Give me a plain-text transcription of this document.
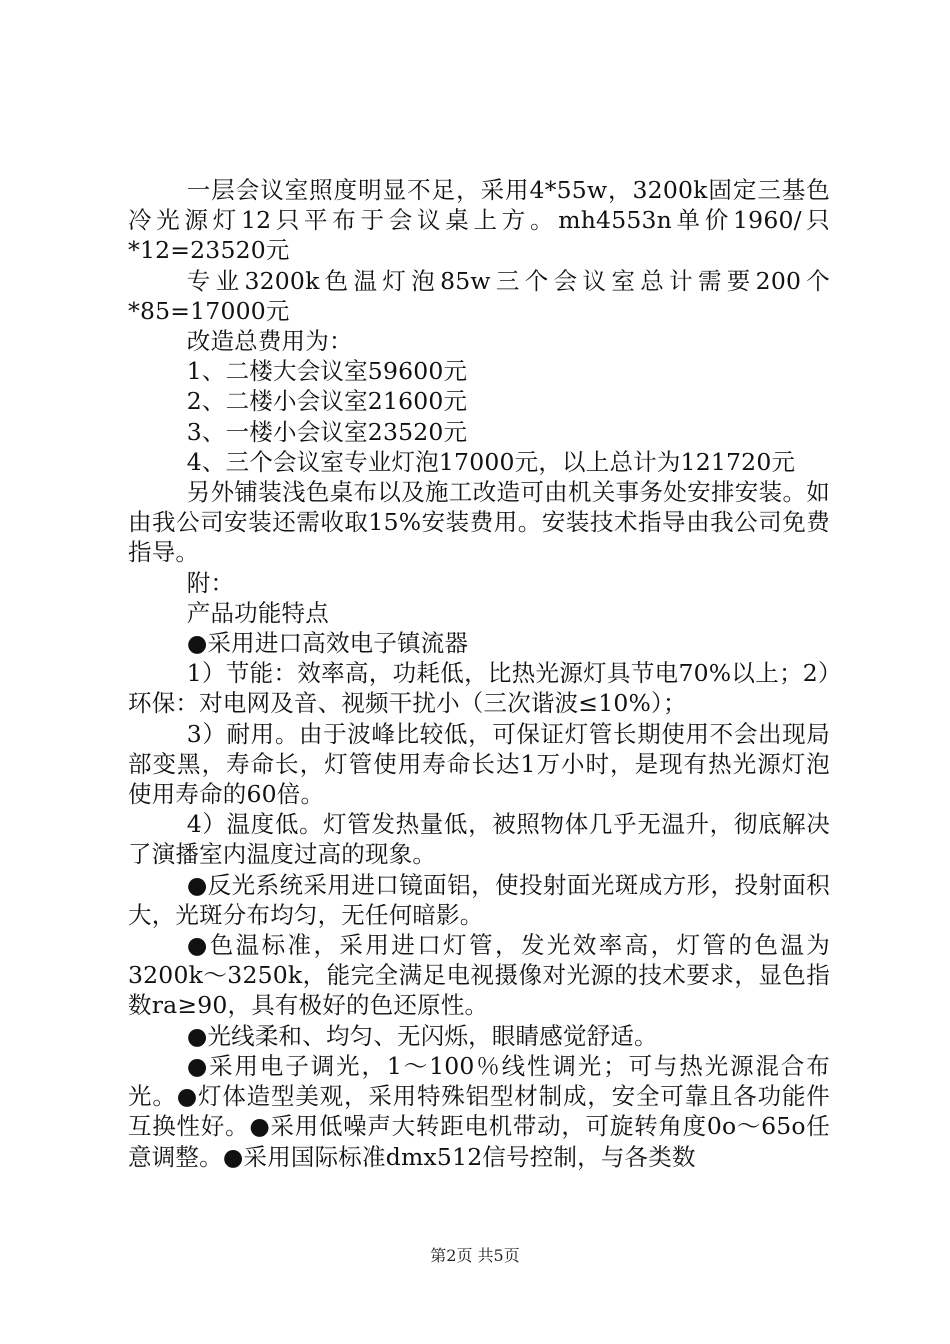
一层会议室照度明显不足，采用4*55w，3200k固定三基色冷光源灯12只平布于会议桌上方。mh4553n单价1960/只*12=23520元

专业3200k色温灯泡85w三个会议室总计需要200个*85=17000元

改造总费用为：

1、二楼大会议室59600元

2、二楼小会议室21600元

3、一楼小会议室23520元

4、三个会议室专业灯泡17000元，以上总计为121720元

另外铺装浅色桌布以及施工改造可由机关事务处安排安装。如由我公司安装还需收取15%安装费用。安装技术指导由我公司免费指导。

附：

产品功能特点

●采用进口高效电子镇流器

1）节能：效率高，功耗低，比热光源灯具节电70%以上；2）环保：对电网及音、视频干扰小（三次谐波≤10%）；

3）耐用。由于波峰比较低，可保证灯管长期使用不会出现局部变黑，寿命长，灯管使用寿命长达1万小时，是现有热光源灯泡使用寿命的60倍。

4）温度低。灯管发热量低，被照物体几乎无温升，彻底解决了演播室内温度过高的现象。

●反光系统采用进口镜面铝，使投射面光斑成方形，投射面积大，光斑分布均匀，无任何暗影。

●色温标准，采用进口灯管，发光效率高，灯管的色温为3200k～3250k，能完全满足电视摄像对光源的技术要求，显色指数ra≥90，具有极好的色还原性。

●光线柔和、均匀、无闪烁，眼睛感觉舒适。

●采用电子调光，1～100％线性调光；可与热光源混合布光。●灯体造型美观，采用特殊铝型材制成，安全可靠且各功能件互换性好。●采用低噪声大转距电机带动，可旋转角度0o～65o任意调整。●采用国际标准dmx512信号控制，与各类数

第2页 共5页
